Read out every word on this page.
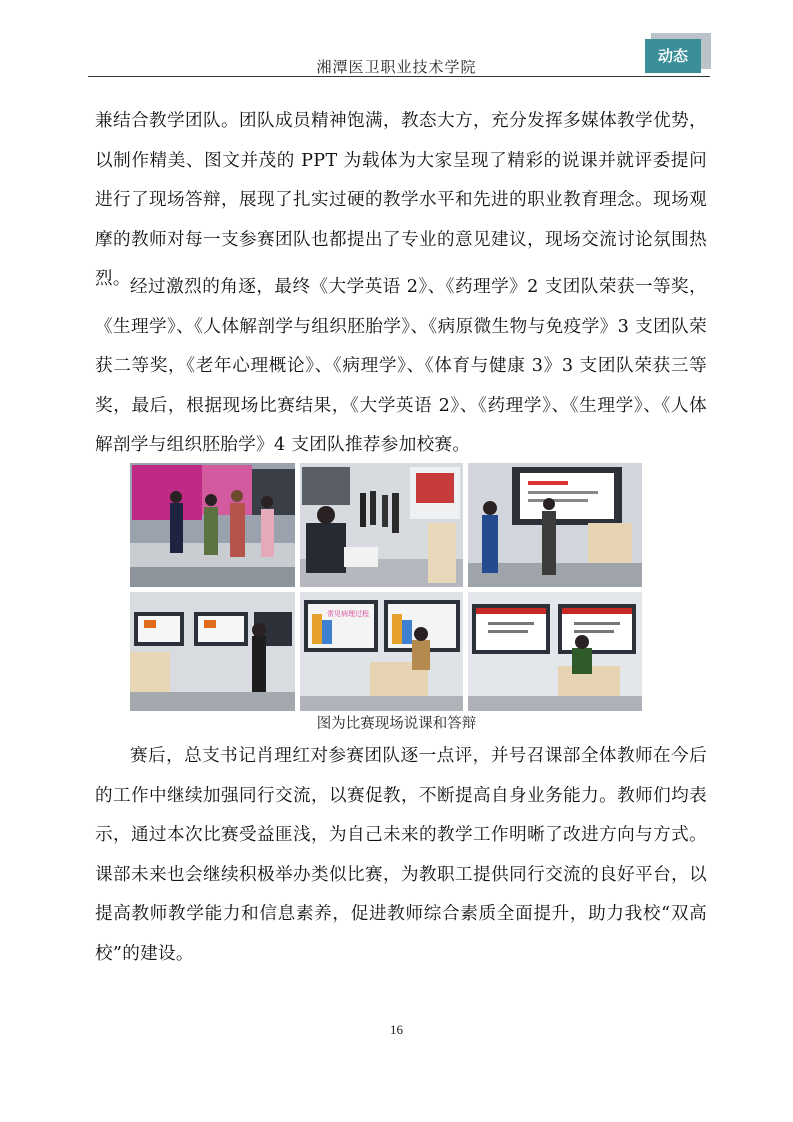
湘潭医卫职业技术学院
动态

兼结合教学团队。团队成员精神饱满，教态大方，充分发挥多媒体教学优势，以制作精美、图文并茂的 PPT 为载体为大家呈现了精彩的说课并就评委提问进行了现场答辩，展现了扎实过硬的教学水平和先进的职业教育理念。现场观摩的教师对每一支参赛团队也都提出了专业的意见建议，现场交流讨论氛围热烈。 经过激烈的角逐，最终《大学英语 2》、《药理学》2 支团队荣获一等奖，《生理学》、《人体解剖学与组织胚胎学》、《病原微生物与免疫学》3 支团队荣获二等奖，《老年心理概论》、《病理学》、《体育与健康 3》3 支团队荣获三等奖，最后，根据现场比赛结果，《大学英语 2》、《药理学》、《生理学》、《人体解剖学与组织胚胎学》4 支团队推荐参加校赛。

常见病理过程
图为比赛现场说课和答辩

赛后，总支书记肖理红对参赛团队逐一点评，并号召课部全体教师在今后的工作中继续加强同行交流，以赛促教，不断提高自身业务能力。教师们均表示，通过本次比赛受益匪浅，为自己未来的教学工作明晰了改进方向与方式。课部未来也会继续积极举办类似比赛，为教职工提供同行交流的良好平台，以提高教师教学能力和信息素养，促进教师综合素质全面提升，助力我校“双高校”的建设。

16
